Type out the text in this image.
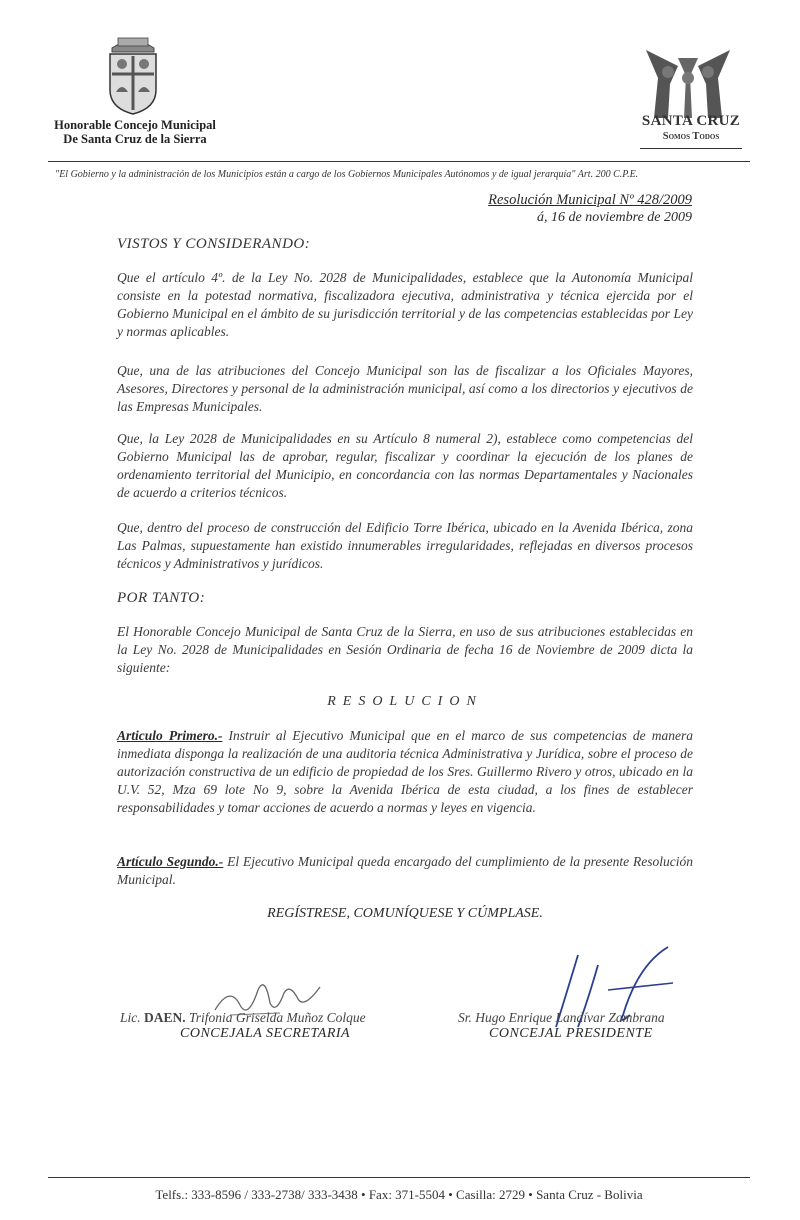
Honorable Concejo Municipal
De Santa Cruz de la Sierra
SANTA CRUZ
Somos Todos
"El Gobierno y la administración de los Municipios están a cargo de los Gobiernos Municipales Autónomos y de igual jerarquía" Art. 200 C.P.E.
Resolución Municipal Nº 428/2009
á, 16 de noviembre de 2009
VISTOS Y CONSIDERANDO:
Que el artículo 4º. de la Ley No. 2028 de Municipalidades, establece que la Autonomía Municipal consiste en la potestad normativa, fiscalizadora ejecutiva, administrativa y técnica ejercida por el Gobierno Municipal en el ámbito de su jurisdicción territorial y de las competencias establecidas por Ley y normas aplicables.
Que, una de las atribuciones del Concejo Municipal son las de fiscalizar a los Oficiales Mayores, Asesores, Directores y personal de la administración municipal, así como a los directorios y ejecutivos de las Empresas Municipales.
Que, la Ley 2028 de Municipalidades en su Artículo 8 numeral 2), establece como competencias del Gobierno Municipal las de aprobar, regular, fiscalizar y coordinar la ejecución de los planes de ordenamiento territorial del Municipio, en concordancia con las normas Departamentales y Nacionales de acuerdo a criterios técnicos.
Que, dentro del proceso de construcción del Edificio Torre Ibérica, ubicado en la Avenida Ibérica, zona Las Palmas, supuestamente han existido innumerables irregularidades, reflejadas en diversos procesos técnicos y Administrativos y jurídicos.
POR TANTO:
El Honorable Concejo Municipal de Santa Cruz de la Sierra, en uso de sus atribuciones establecidas en la Ley No. 2028 de Municipalidades en Sesión Ordinaria de fecha 16 de Noviembre de 2009 dicta la siguiente:
RESOLUCION
Articulo Primero.- Instruir al Ejecutivo Municipal que en el marco de sus competencias de manera inmediata disponga la realización de una auditoria técnica Administrativa y Jurídica, sobre el proceso de autorización constructiva de un edificio de propiedad de los Sres. Guillermo Rivero y otros, ubicado en la U.V. 52, Mza 69 lote No 9, sobre la Avenida Ibérica de esta ciudad, a los fines de establecer responsabilidades y tomar acciones de acuerdo a normas y leyes en vigencia.
Artículo Segundo.- El Ejecutivo Municipal queda encargado del cumplimiento de la presente Resolución Municipal.
REGÍSTRESE, COMUNÍQUESE Y CÚMPLASE.
Lic. DAEN. Trifonia Griselda Muñoz Colque
CONCEJALA SECRETARIA
Sr. Hugo Enrique Landívar Zambrana
CONCEJAL PRESIDENTE
Telfs.: 333-8596 / 333-2738/ 333-3438 • Fax: 371-5504 • Casilla: 2729 • Santa Cruz - Bolivia
